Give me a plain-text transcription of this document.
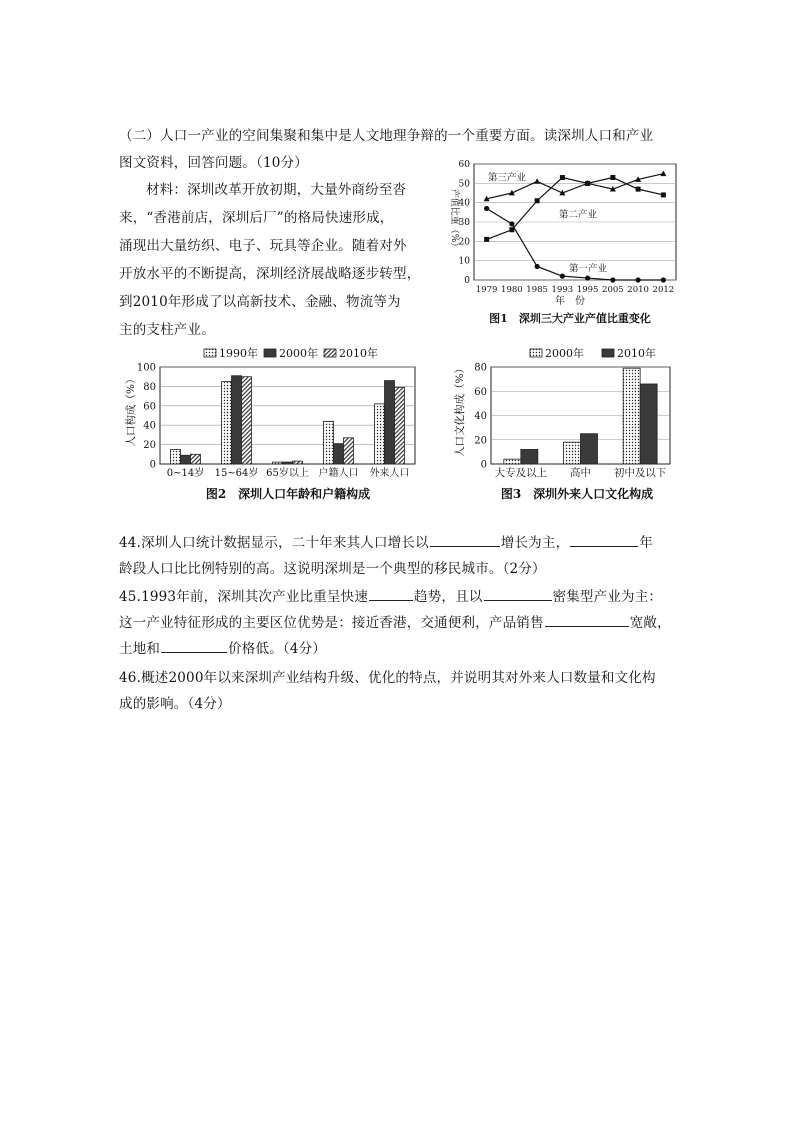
（二）人口一产业的空间集聚和集中是人文地理争辩的一个重要方面。读深圳人口和产业
图文资料，回答问题。（10分）
材料：深圳改革开放初期，大量外商纷至沓
来，“香港前店，深圳后厂”的格局快速形成，
涌现出大量纺织、电子、玩具等企业。随着对外
开放水平的不断提高，深圳经济展战略逐步转型，
到2010年形成了以高新技术、金融、物流等为
主的支柱产业。
0
10
20
30
40
50
60
1979 1980 1985 1993 1995 2005 2010 2012
第三产业
第二产业
第一产业
产值比重（%）
年　份
图1　深圳三大产业产值比重变化
0
20
40
60
80
100
0~14岁 15~64岁 65岁以上 户籍人口 外来人口
1990年 2000年 2010年
人口构成（%）
图2　深圳人口年龄和户籍构成
0
20
40
60
80
大专及以上 高中 初中及以下
2000年	2010年
人口文化构成（%）
图3　深圳外来人口文化构成
44.深圳人口统计数据显示，二十年来其人口增长以	增长为主，	年
龄段人口比比例特别的高。这说明深圳是一个典型的移民城市。（2分）
45.1993年前，深圳其次产业比重呈快速	趋势，且以	密集型产业为主：
这一产业特征形成的主要区位优势是：接近香港，交通便利，产品销售	宽敞，
土地和	价格低。（4分）
46.概述2000年以来深圳产业结构升级、优化的特点，并说明其对外来人口数量和文化构
成的影响。（4分）
